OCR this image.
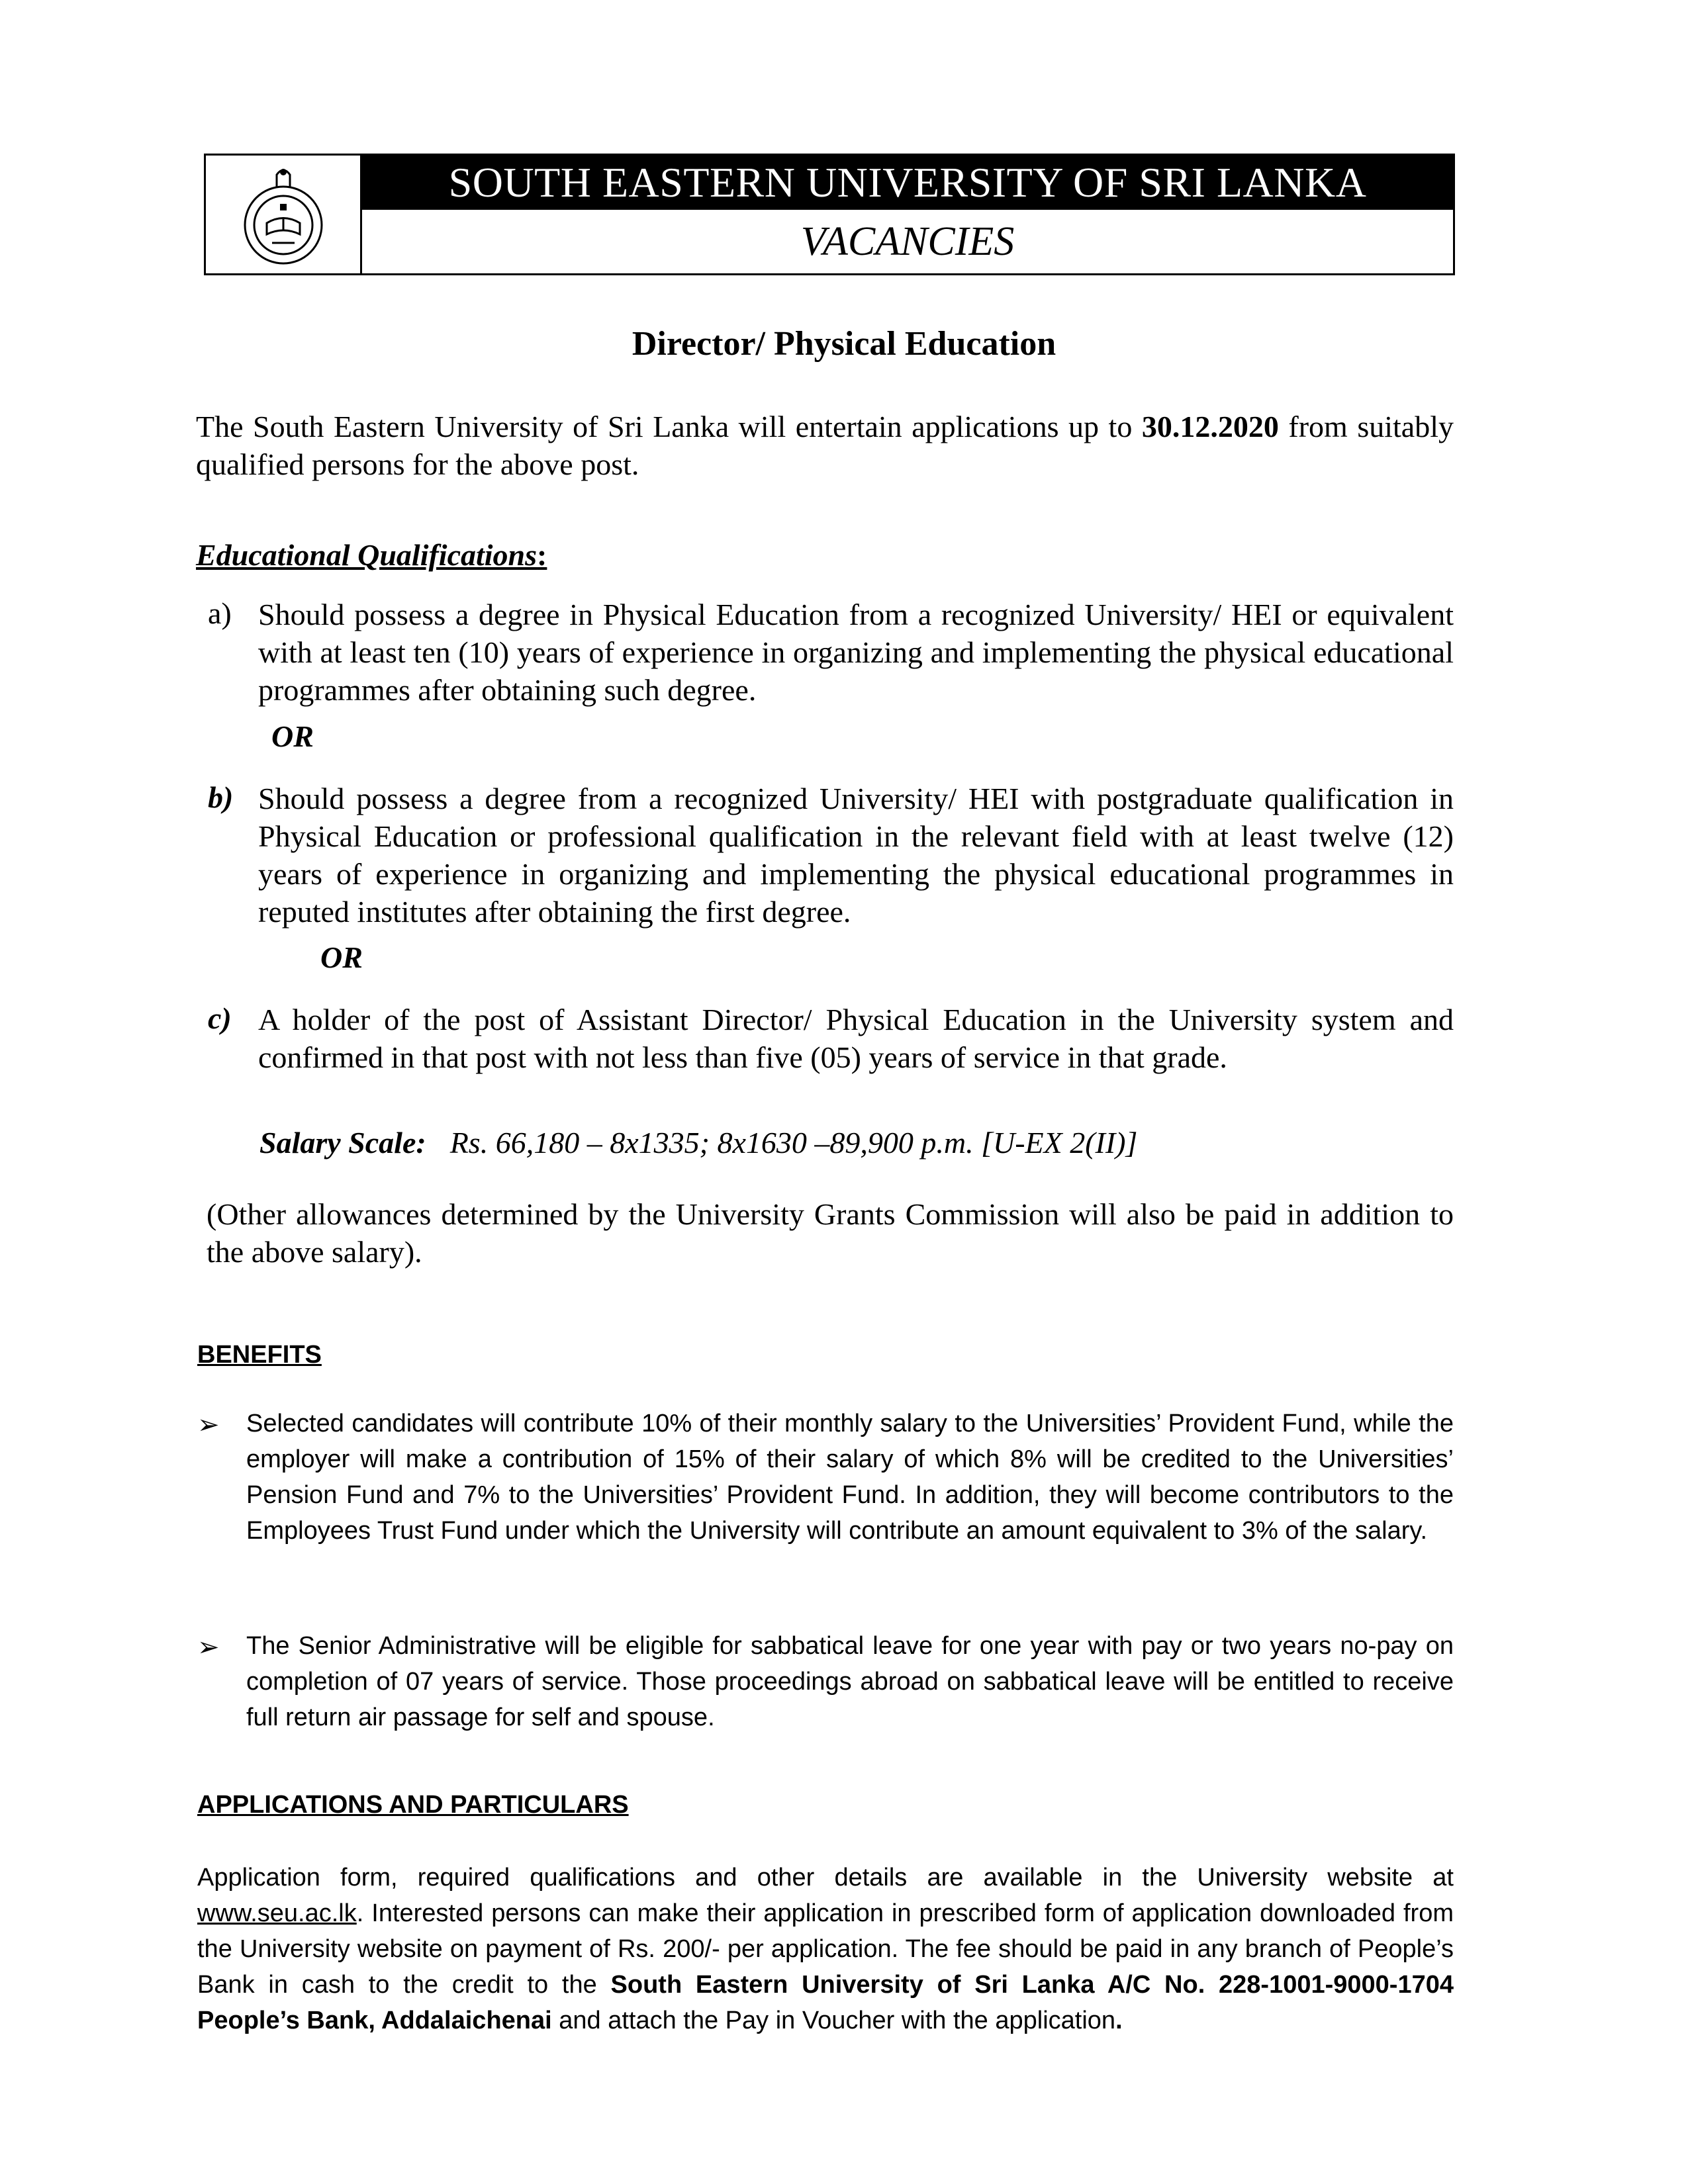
SOUTH EASTERN UNIVERSITY OF SRI LANKA
VACANCIES
Director/ Physical Education
The South Eastern University of Sri Lanka will entertain applications up to 30.12.2020 from suitably qualified persons for the above post.
Educational Qualifications:
a) Should possess a degree in Physical Education from a recognized University/ HEI or equivalent with at least ten (10) years of experience in organizing and implementing the physical educational programmes after obtaining such degree.
OR
b) Should possess a degree from a recognized University/ HEI with postgraduate qualification in Physical Education or professional qualification in the relevant field with at least twelve (12) years of experience in organizing and implementing the physical educational programmes in reputed institutes after obtaining the first degree.
OR
c) A holder of the post of Assistant Director/ Physical Education in the University system and confirmed in that post with not less than five (05) years of service in that grade.
Salary Scale: Rs. 66,180 – 8x1335; 8x1630 –89,900 p.m. [U-EX 2(II)]
(Other allowances determined by the University Grants Commission will also be paid in addition to the above salary).
BENEFITS
➢ Selected candidates will contribute 10% of their monthly salary to the Universities’ Provident Fund, while the employer will make a contribution of 15% of their salary of which 8% will be credited to the Universities’ Pension Fund and 7% to the Universities’ Provident Fund. In addition, they will become contributors to the Employees Trust Fund under which the University will contribute an amount equivalent to 3% of the salary.
➢ The Senior Administrative will be eligible for sabbatical leave for one year with pay or two years no-pay on completion of 07 years of service. Those proceedings abroad on sabbatical leave will be entitled to receive full return air passage for self and spouse.
APPLICATIONS AND PARTICULARS
Application form, required qualifications and other details are available in the University website at www.seu.ac.lk. Interested persons can make their application in prescribed form of application downloaded from the University website on payment of Rs. 200/- per application. The fee should be paid in any branch of People’s Bank in cash to the credit to the South Eastern University of Sri Lanka A/C No. 228-1001-9000-1704 People’s Bank, Addalaichenai and attach the Pay in Voucher with the application.
